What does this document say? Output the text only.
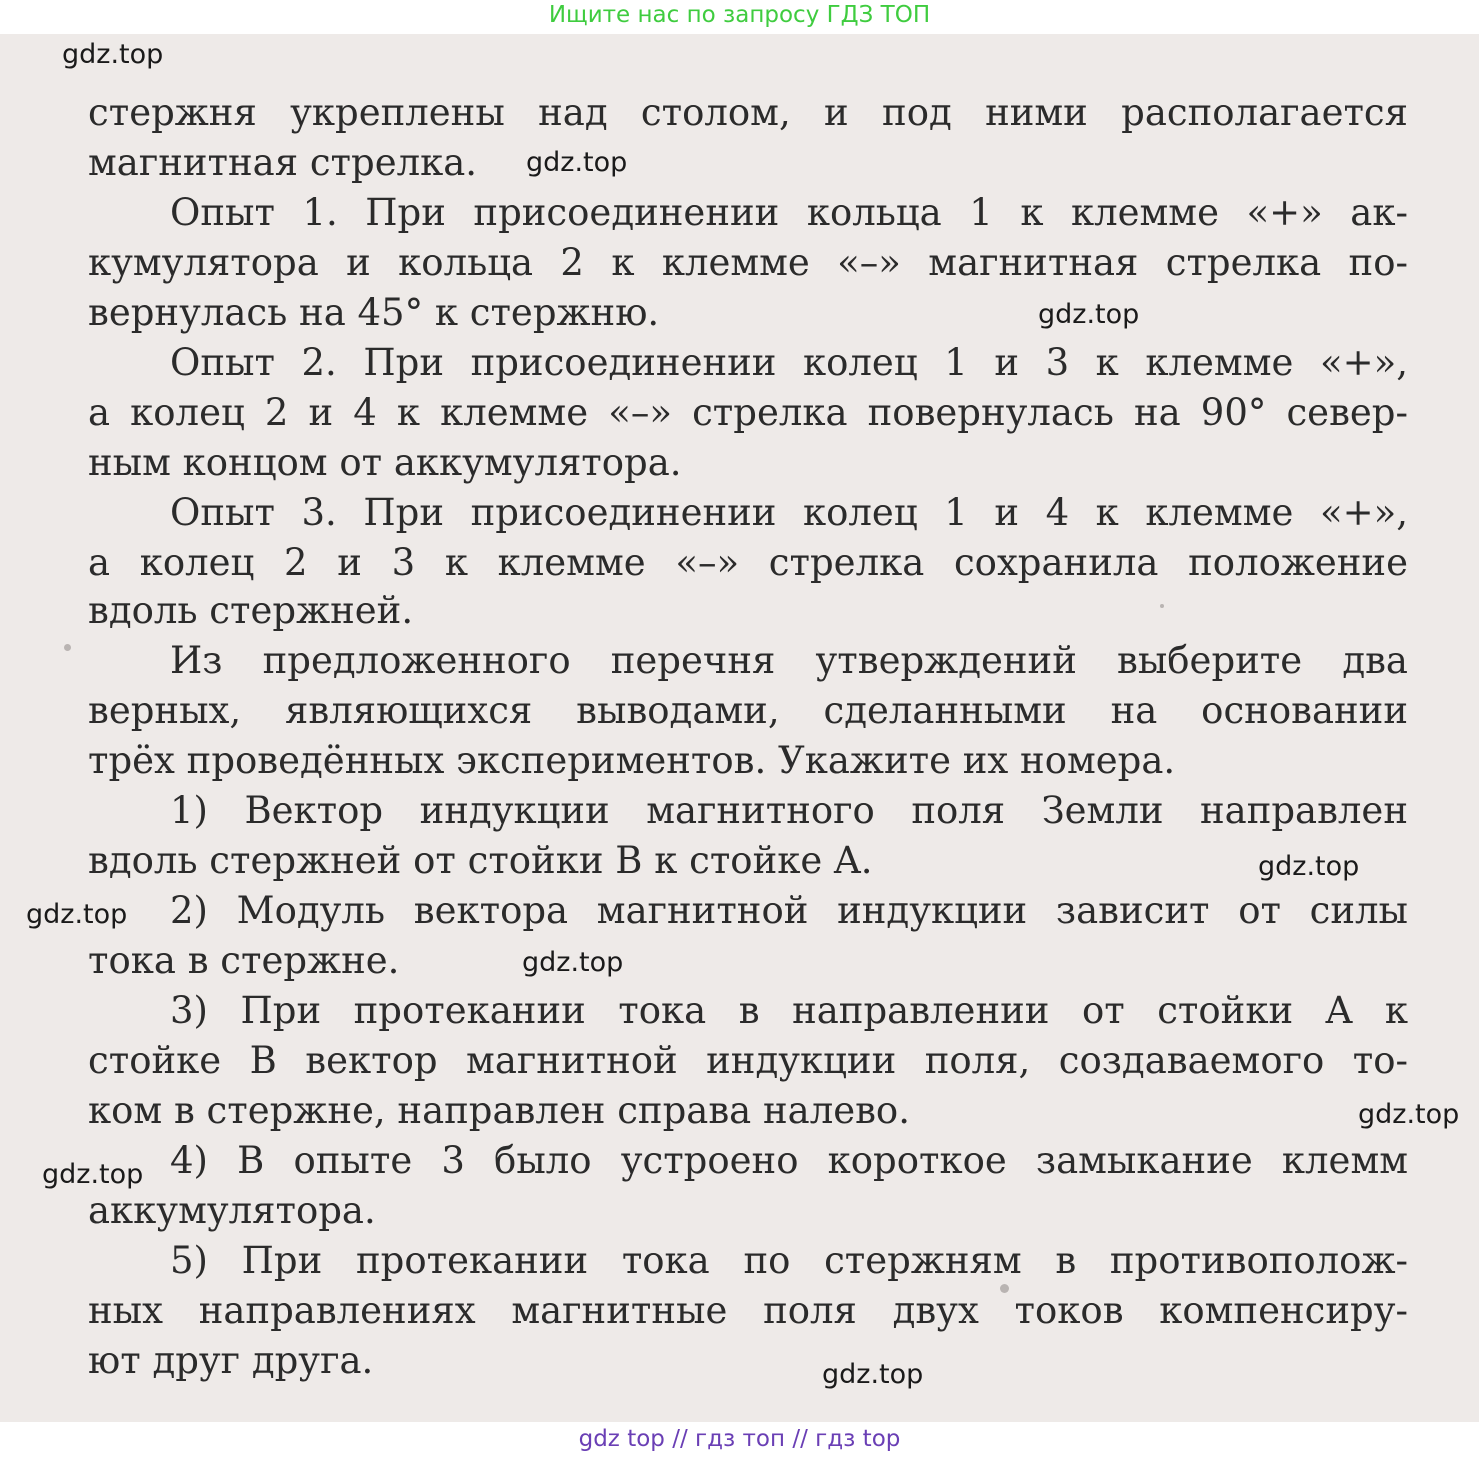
Ищите нас по запросу ГДЗ ТОП
стержня укреплены над столом, и под ними располагается
магнитная стрелка.
Опыт 1. При присоединении кольца 1 к клемме «+» ак-
кумулятора и кольца 2 к клемме «–» магнитная стрелка по-
вернулась на 45° к стержню.
Опыт 2. При присоединении колец 1 и 3 к клемме «+»,
а колец 2 и 4 к клемме «–» стрелка повернулась на 90° север-
ным концом от аккумулятора.
Опыт 3. При присоединении колец 1 и 4 к клемме «+»,
а колец 2 и 3 к клемме «–» стрелка сохранила положение
вдоль стержней.
Из предложенного перечня утверждений выберите два
верных, являющихся выводами, сделанными на основании
трёх проведённых экспериментов. Укажите их номера.
1) Вектор индукции магнитного поля Земли направлен
вдоль стержней от стойки B к стойке A.
2) Модуль вектора магнитной индукции зависит от силы
тока в стержне.
3) При протекании тока в направлении от стойки A к
стойке B вектор магнитной индукции поля, создаваемого то-
ком в стержне, направлен справа налево.
4) В опыте 3 было устроено короткое замыкание клемм
аккумулятора.
5) При протекании тока по стержням в противополож-
ных направлениях магнитные поля двух токов компенсиру-
ют друг друга.
gdz.top
gdz.top
gdz.top
gdz.top
gdz.top
gdz.top
gdz.top
gdz.top
gdz.top
gdz top // гдз топ // гдз top
